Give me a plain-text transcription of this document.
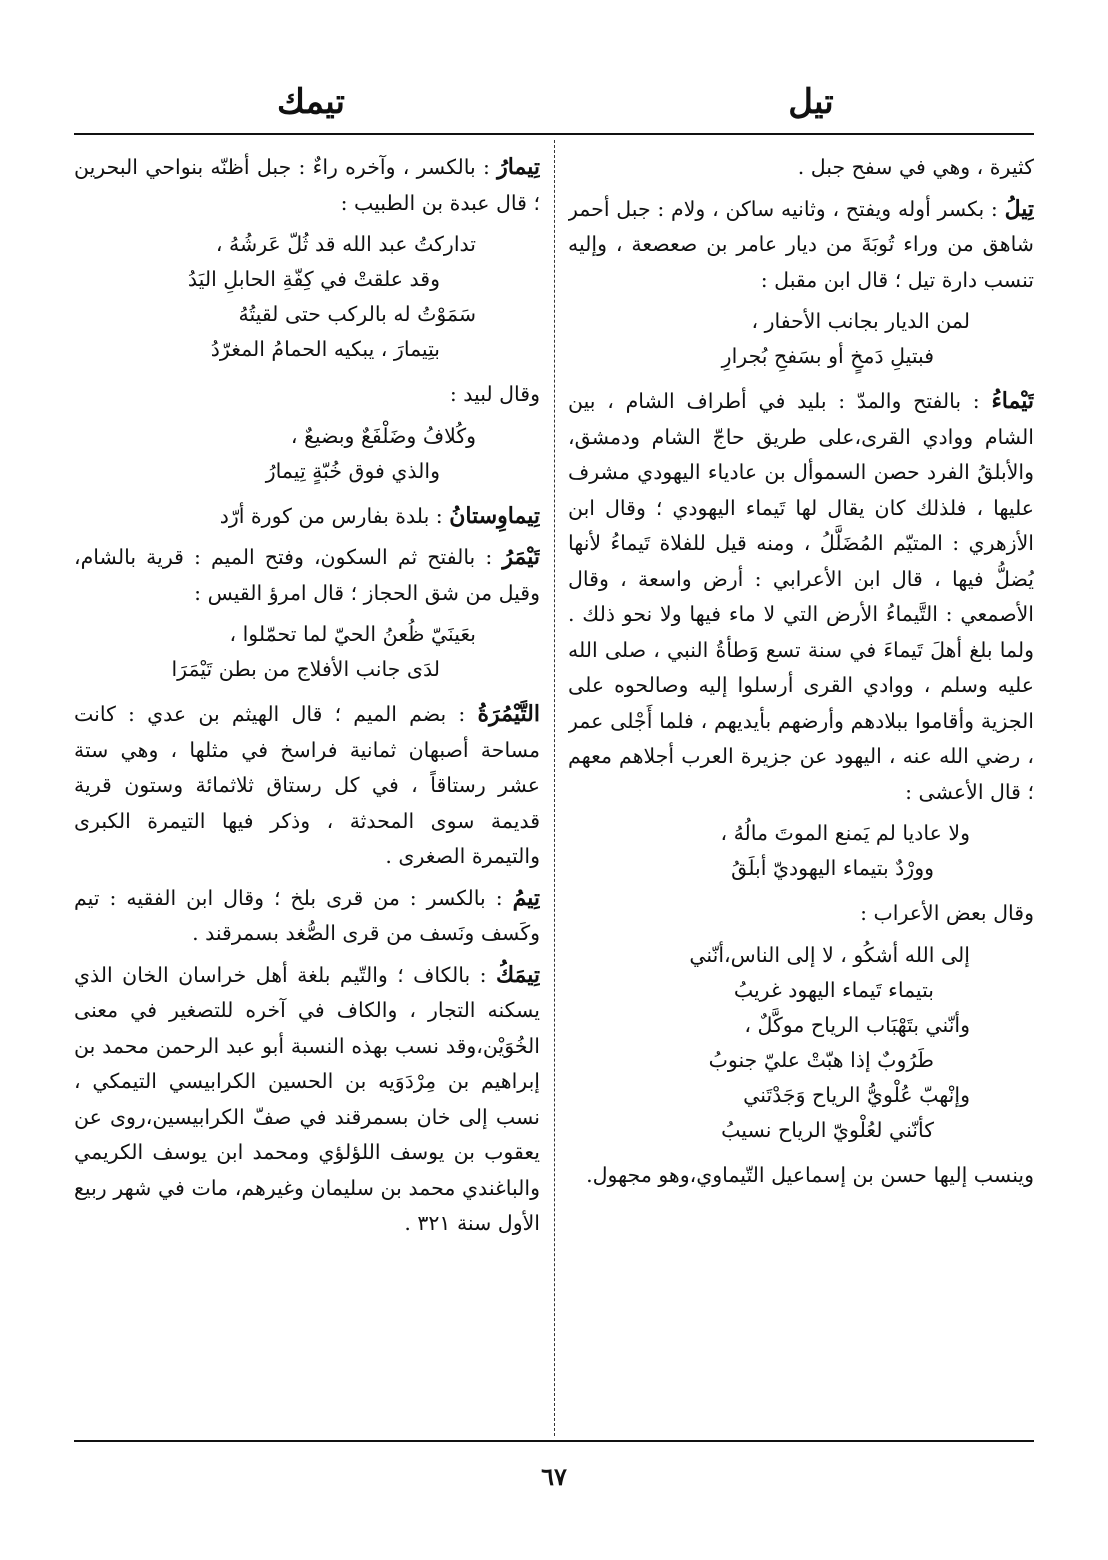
تيل
تيمك

كثيرة ، وهي في سفح جبل .

تِيلُ : بكسر أوله ويفتح ، وثانيه ساكن ، ولام : جبل أحمر شاهق من وراء تُوبَةَ من ديار عامر بن صعصعة ، وإليه تنسب دارة تيل ؛ قال ابن مقبل :

لمن الديار بجانب الأحفار ،
فبتيلِ دَمخٍ أو بسَفحِ بُجرارِ

تَيْماءُ : بالفتح والمدّ : بليد في أطراف الشام ، بين الشام ووادي القرى،على طريق حاجّ الشام ودمشق، والأبلقُ الفرد حصن السموأل بن عادياء اليهودي مشرف عليها ، فلذلك كان يقال لها تَيماء اليهودي ؛ وقال ابن الأزهري : المتيّم المُضَلَّلُ ، ومنه قيل للفلاة تَيماءُ لأنها يُضلُّ فيها ، قال ابن الأعرابي : أرض واسعة ، وقال الأصمعي : التَّيماءُ الأرض التي لا ماء فيها ولا نحو ذلك . ولما بلغ أهلَ تَيماءَ في سنة تسع وَطأةُ النبي ، صلى الله عليه وسلم ، ووادي القرى أرسلوا إليه وصالحوه على الجزية وأقاموا ببلادهم وأرضهم بأيديهم ، فلما أَجْلى عمر ، رضي الله عنه ، اليهود عن جزيرة العرب أجلاهم معهم ؛ قال الأعشى :

ولا عاديا لم يَمنع الموتَ مالُهُ ،
وورْدٌ بتيماء اليهوديّ أبلَقُ

وقال بعض الأعراب :

إلى الله أشكُو ، لا إلى الناس،أنّني
بتيماء تَيماء اليهود غريبُ
وأنّني بتَهْبَاب الرياح موكَّلٌ ،
طَرُوبٌ إذا هبّتْ عليّ جنوبُ
وإنْهبّ عُلْويُّ الرياح وَجَدْتَني
كأنّني لعُلْويّ الرياح نسيبُ

وينسب إليها حسن بن إسماعيل التّيماوي،وهو مجهول.

تِيمارُ : بالكسر ، وآخره راءٌ : جبل أظنّه بنواحي البحرين ؛ قال عبدة بن الطبيب :

تداركتُ عبد الله قد ثُلّ عَرشُهُ ،
وقد علقتْ في كِفّةِ الحابلِ اليَدُ
سَمَوْتُ له بالركب حتى لقيتُهُ
بتِيمارَ ، يبكيه الحمامُ المغرّدُ

وقال لبيد :

وكُلافُ وضَلْفَعٌ وبضيعٌ ،
والذي فوق خُبّةٍ تِيمارُ

تِيماوِستانُ : بلدة بفارس من كورة أرّد

تَيْمَرُ : بالفتح ثم السكون، وفتح الميم : قرية بالشام، وقيل من شق الحجاز ؛ قال امرؤ القيس :

بعَينَيّ ظُعنُ الحيّ لما تحمّلوا ،
لدَى جانب الأفلاج من بطن تَيْمَرَا

التَّيْمُرَةُ : بضم الميم ؛ قال الهيثم بن عدي : كانت مساحة أصبهان ثمانية فراسخ في مثلها ، وهي ستة عشر رستاقاً ، في كل رستاق ثلاثمائة وستون قرية قديمة سوى المحدثة ، وذكر فيها التيمرة الكبرى والتيمرة الصغرى .

تِيمُ : بالكسر : من قرى بلخ ؛ وقال ابن الفقيه : تيم وكَسف ونَسف من قرى الصُّغد بسمرقند .

تِيمَكُ : بالكاف ؛ والتّيم بلغة أهل خراسان الخان الذي يسكنه التجار ، والكاف في آخره للتصغير في معنى الخُوَيْن،وقد نسب بهذه النسبة أبو عبد الرحمن محمد بن إبراهيم بن مِرْدَوَيه بن الحسين الكرابيسي التيمكي ، نسب إلى خان بسمرقند في صفّ الكرابيسين،روى عن يعقوب بن يوسف اللؤلؤي ومحمد ابن يوسف الكريمي والباغندي محمد بن سليمان وغيرهم، مات في شهر ربيع الأول سنة ٣٢١ .

٦٧
